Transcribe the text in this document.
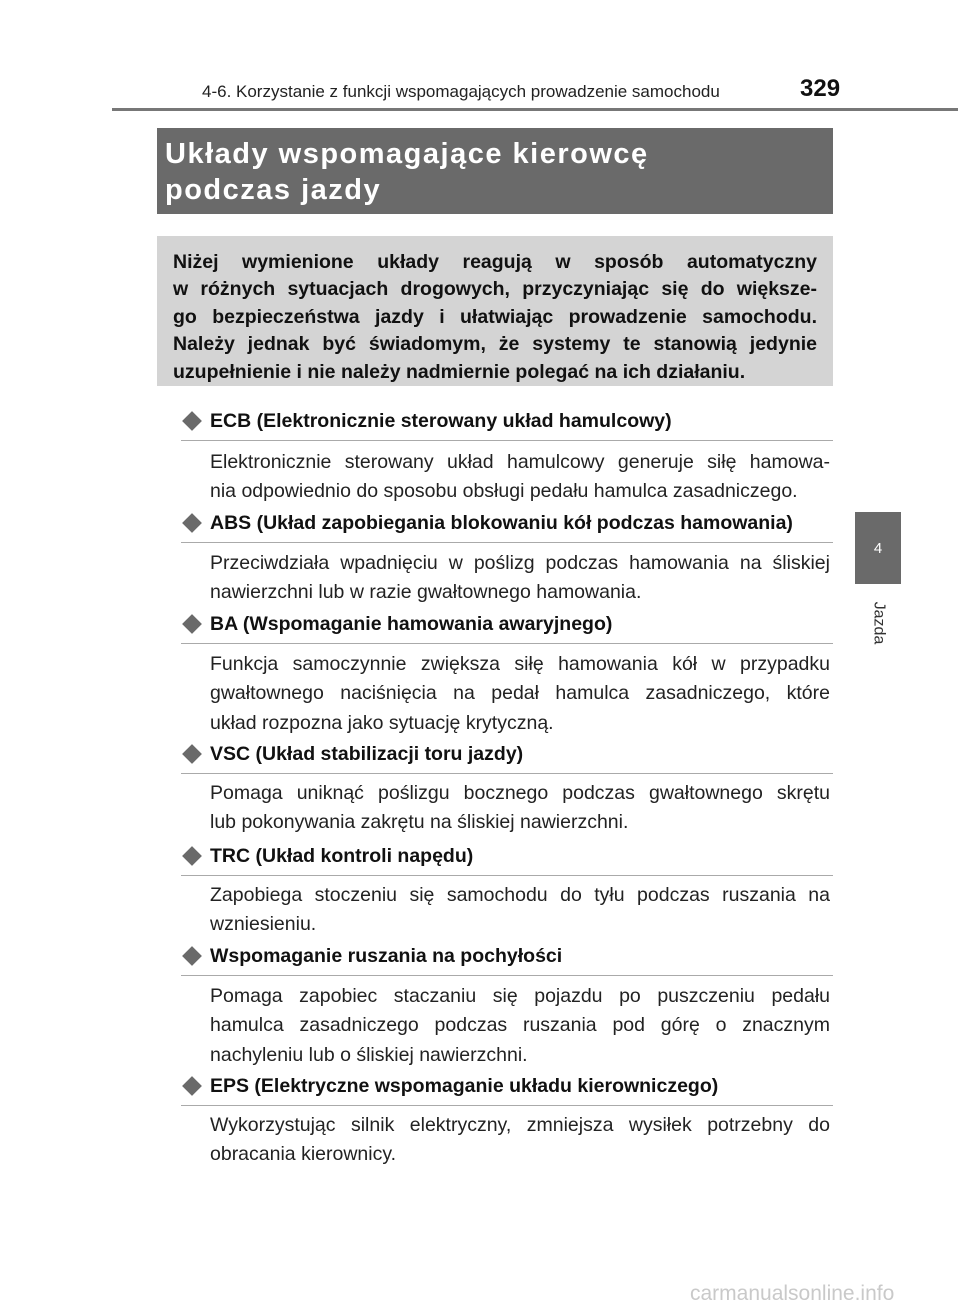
4-6. Korzystanie z funkcji wspomagających prowadzenie samochodu	329
4
Jazda
Układy wspomagające kierowcę
podczas jazdy
Niżej wymienione układy reagują w sposób automatyczny
w różnych sytuacjach drogowych, przyczyniając się do większe-
go bezpieczeństwa jazdy i ułatwiając prowadzenie samochodu.
Należy jednak być świadomym, że systemy te stanowią jedynie
uzupełnienie i nie należy nadmiernie polegać na ich działaniu.
ECB (Elektronicznie sterowany układ hamulcowy)
Elektronicznie sterowany układ hamulcowy generuje siłę hamowa-
nia odpowiednio do sposobu obsługi pedału hamulca zasadniczego.
ABS (Układ zapobiegania blokowaniu kół podczas hamowania)
Przeciwdziała wpadnięciu w poślizg podczas hamowania na śliskiej
nawierzchni lub w razie gwałtownego hamowania.
BA (Wspomaganie hamowania awaryjnego)
Funkcja samoczynnie zwiększa siłę hamowania kół w przypadku
gwałtownego naciśnięcia na pedał hamulca zasadniczego, które
układ rozpozna jako sytuację krytyczną.
VSC (Układ stabilizacji toru jazdy)
Pomaga uniknąć poślizgu bocznego podczas gwałtownego skrętu
lub pokonywania zakrętu na śliskiej nawierzchni.
TRC (Układ kontroli napędu)
Zapobiega stoczeniu się samochodu do tyłu podczas ruszania na
wzniesieniu.
Wspomaganie ruszania na pochyłości
Pomaga zapobiec staczaniu się pojazdu po puszczeniu pedału
hamulca zasadniczego podczas ruszania pod górę o znacznym
nachyleniu lub o śliskiej nawierzchni.
EPS (Elektryczne wspomaganie układu kierowniczego)
Wykorzystując silnik elektryczny, zmniejsza wysiłek potrzebny do
obracania kierownicy.
carmanualsonline.info
